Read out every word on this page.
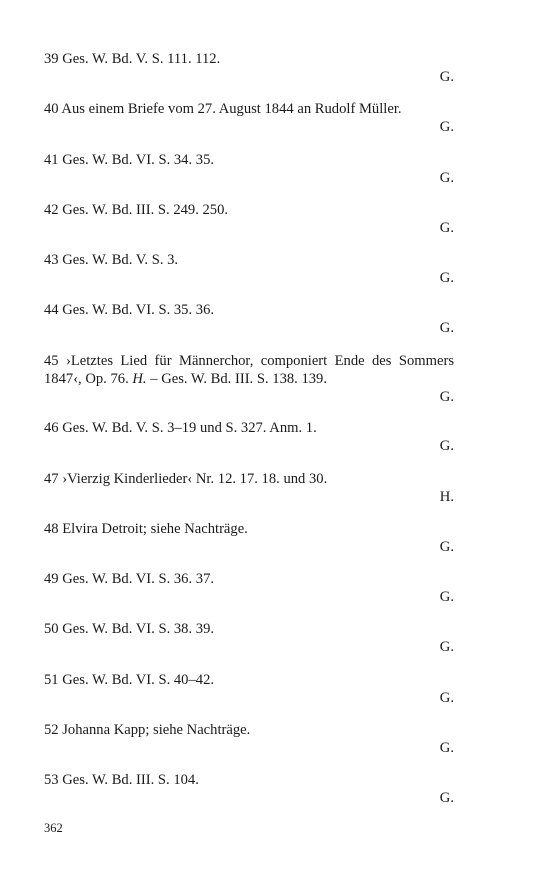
39 Ges. W. Bd. V. S. 111. 112.

G.

40 Aus einem Briefe vom 27. August 1844 an Rudolf Müller.

G.

41 Ges. W. Bd. VI. S. 34. 35.

G.

42 Ges. W. Bd. III. S. 249. 250.

G.

43 Ges. W. Bd. V. S. 3.

G.

44 Ges. W. Bd. VI. S. 35. 36.

G.

45 ›Letztes Lied für Männerchor, componiert Ende des Sommers 1847‹, Op. 76. H. – Ges. W. Bd. III. S. 138. 139.

G.

46 Ges. W. Bd. V. S. 3–19 und S. 327. Anm. 1.

G.

47 ›Vierzig Kinderlieder‹ Nr. 12. 17. 18. und 30.

H.

48 Elvira Detroit; siehe Nachträge.

G.

49 Ges. W. Bd. VI. S. 36. 37.

G.

50 Ges. W. Bd. VI. S. 38. 39.

G.

51 Ges. W. Bd. VI. S. 40–42.

G.

52 Johanna Kapp; siehe Nachträge.

G.

53 Ges. W. Bd. III. S. 104.

G.

362
